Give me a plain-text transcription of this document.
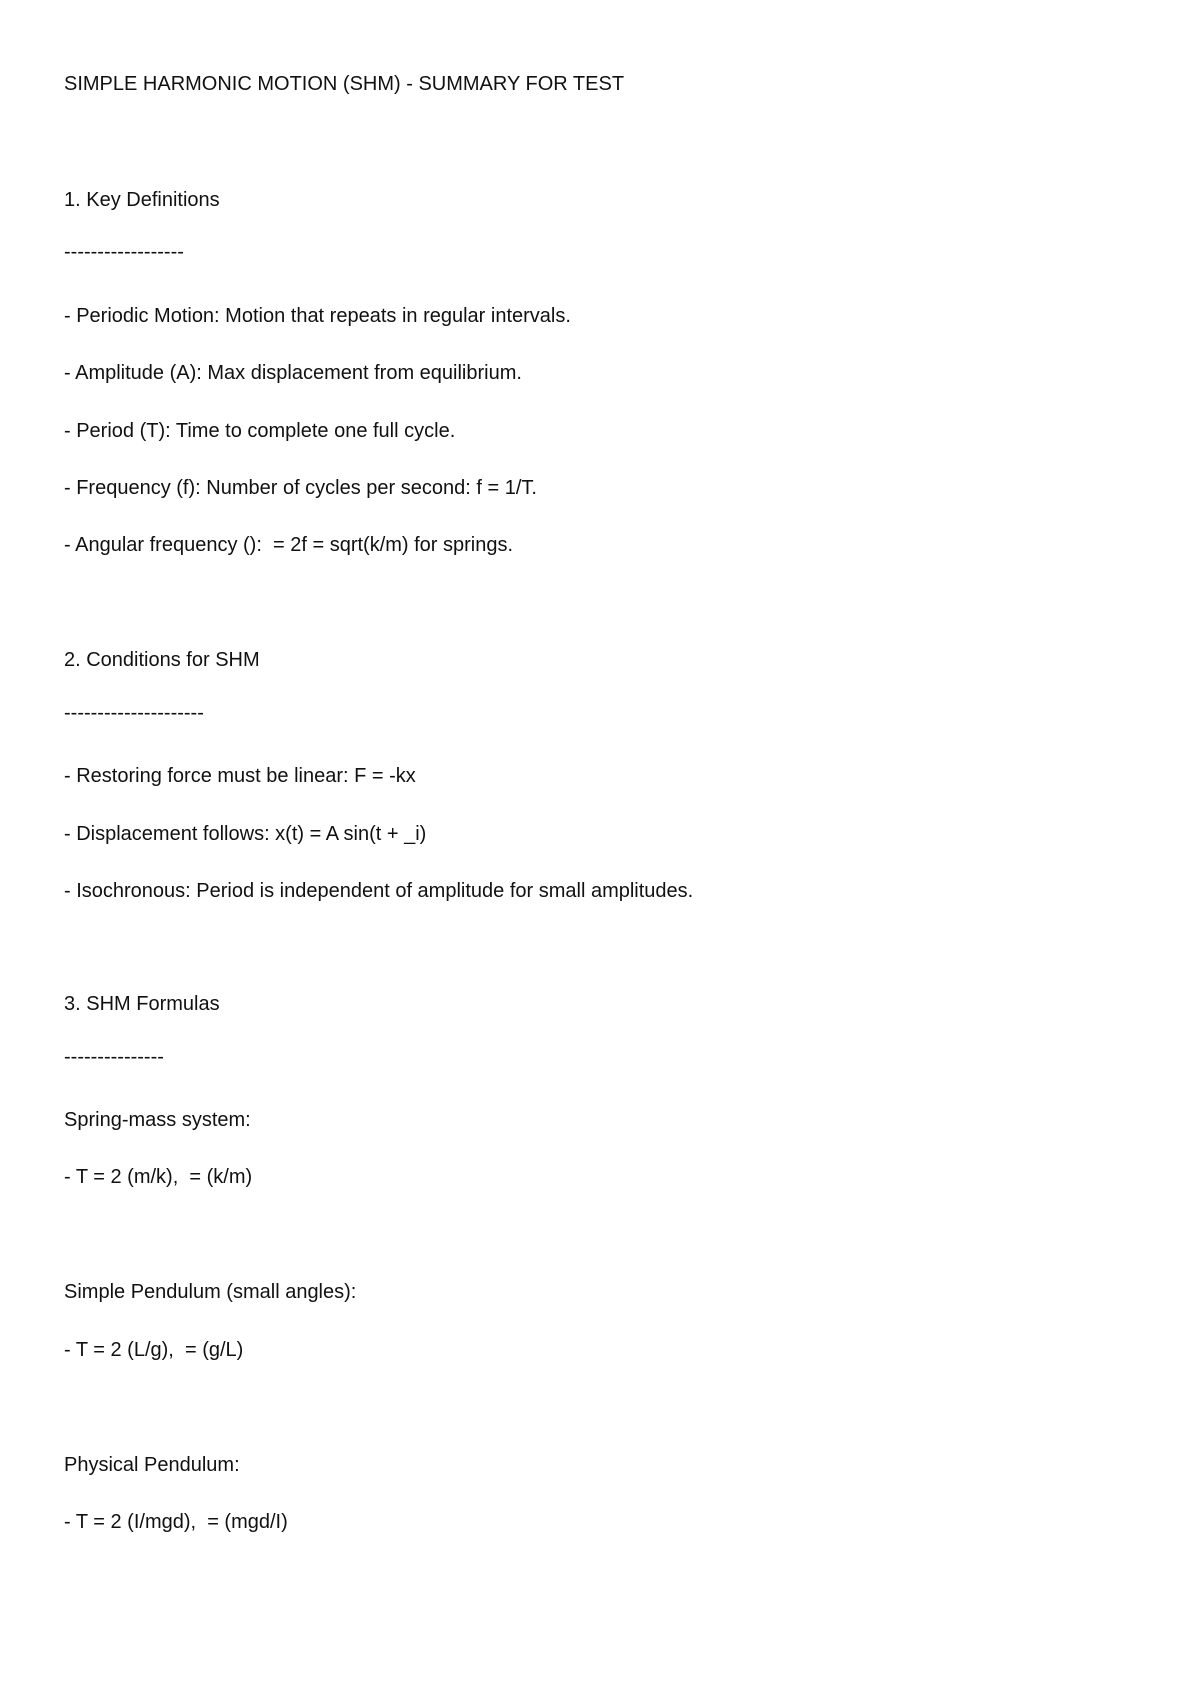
SIMPLE HARMONIC MOTION (SHM) - SUMMARY FOR TEST

1. Key Definitions

------------------

- Periodic Motion: Motion that repeats in regular intervals.

- Amplitude (A): Max displacement from equilibrium.

- Period (T): Time to complete one full cycle.

- Frequency (f): Number of cycles per second: f = 1/T.

- Angular frequency ():  = 2f = sqrt(k/m) for springs.

2. Conditions for SHM

---------------------

- Restoring force must be linear: F = -kx

- Displacement follows: x(t) = A sin(t + _i)

- Isochronous: Period is independent of amplitude for small amplitudes.

3. SHM Formulas

---------------

Spring-mass system:

- T = 2 (m/k),  = (k/m)

Simple Pendulum (small angles):

- T = 2 (L/g),  = (g/L)

Physical Pendulum:

- T = 2 (I/mgd),  = (mgd/I)
